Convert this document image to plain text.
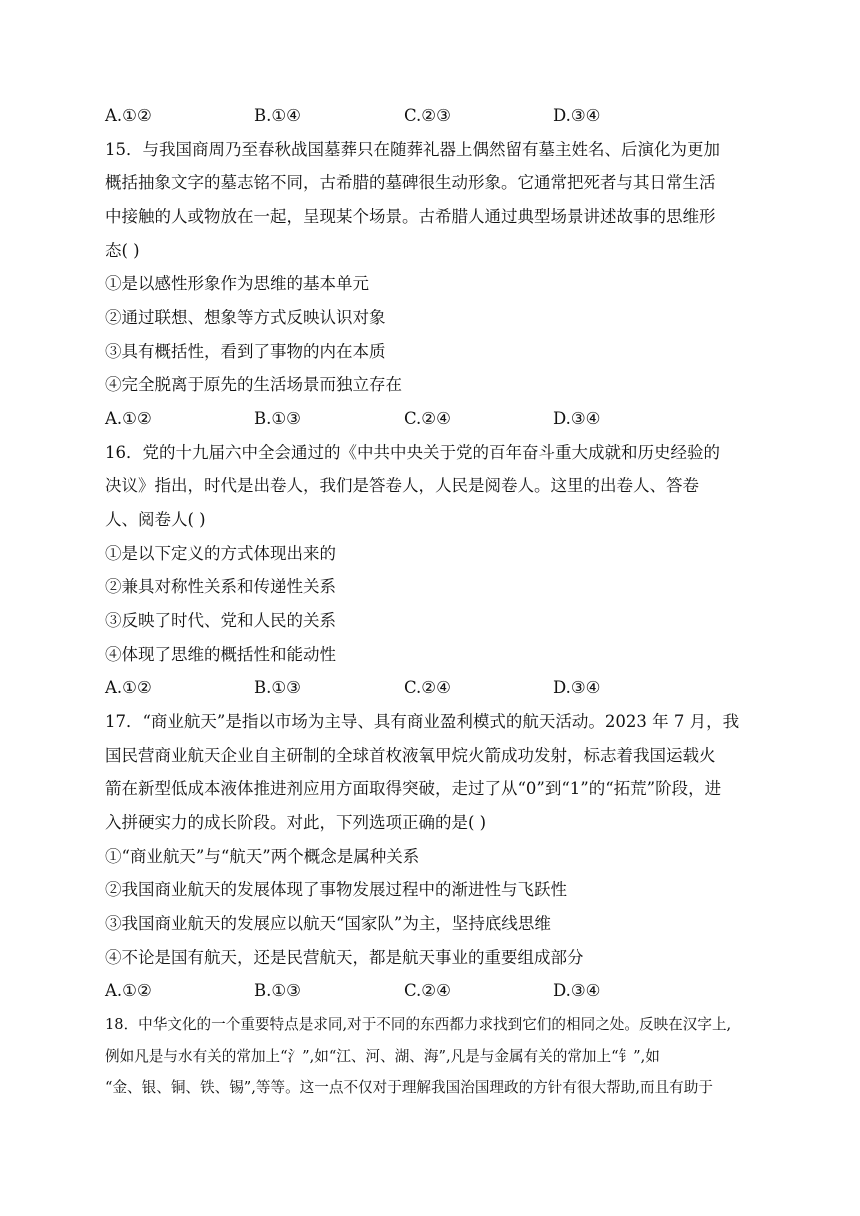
A.①②	B.①④	C.②③	D.③④
15．与我国商周乃至春秋战国墓葬只在随葬礼器上偶然留有墓主姓名、后演化为更加
概括抽象文字的墓志铭不同，古希腊的墓碑很生动形象。它通常把死者与其日常生活
中接触的人或物放在一起，呈现某个场景。古希腊人通过典型场景讲述故事的思维形
态( )
①是以感性形象作为思维的基本单元
②通过联想、想象等方式反映认识对象
③具有概括性，看到了事物的内在本质
④完全脱离于原先的生活场景而独立存在
A.①②	B.①③	C.②④	D.③④
16．党的十九届六中全会通过的《中共中央关于党的百年奋斗重大成就和历史经验的
决议》指出，时代是出卷人，我们是答卷人，人民是阅卷人。这里的出卷人、答卷
人、阅卷人( )
①是以下定义的方式体现出来的
②兼具对称性关系和传递性关系
③反映了时代、党和人民的关系
④体现了思维的概括性和能动性
A.①②	B.①③	C.②④	D.③④
17．“商业航天”是指以市场为主导、具有商业盈利模式的航天活动。2023 年 7 月，我
国民营商业航天企业自主研制的全球首枚液氧甲烷火箭成功发射，标志着我国运载火
箭在新型低成本液体推进剂应用方面取得突破，走过了从“0”到“1”的“拓荒”阶段，进
入拼硬实力的成长阶段。对此，下列选项正确的是( )
①“商业航天”与“航天”两个概念是属种关系
②我国商业航天的发展体现了事物发展过程中的渐进性与飞跃性
③我国商业航天的发展应以航天“国家队”为主，坚持底线思维
④不论是国有航天，还是民营航天，都是航天事业的重要组成部分
A.①②	B.①③	C.②④	D.③④
18．中华文化的一个重要特点是求同,对于不同的东西都力求找到它们的相同之处。反映在汉字上,
例如凡是与水有关的常加上“氵”,如“江、河、湖、海”,凡是与金属有关的常加上“钅”,如
“金、银、铜、铁、锡”,等等。这一点不仅对于理解我国治国理政的方针有很大帮助,而且有助于
